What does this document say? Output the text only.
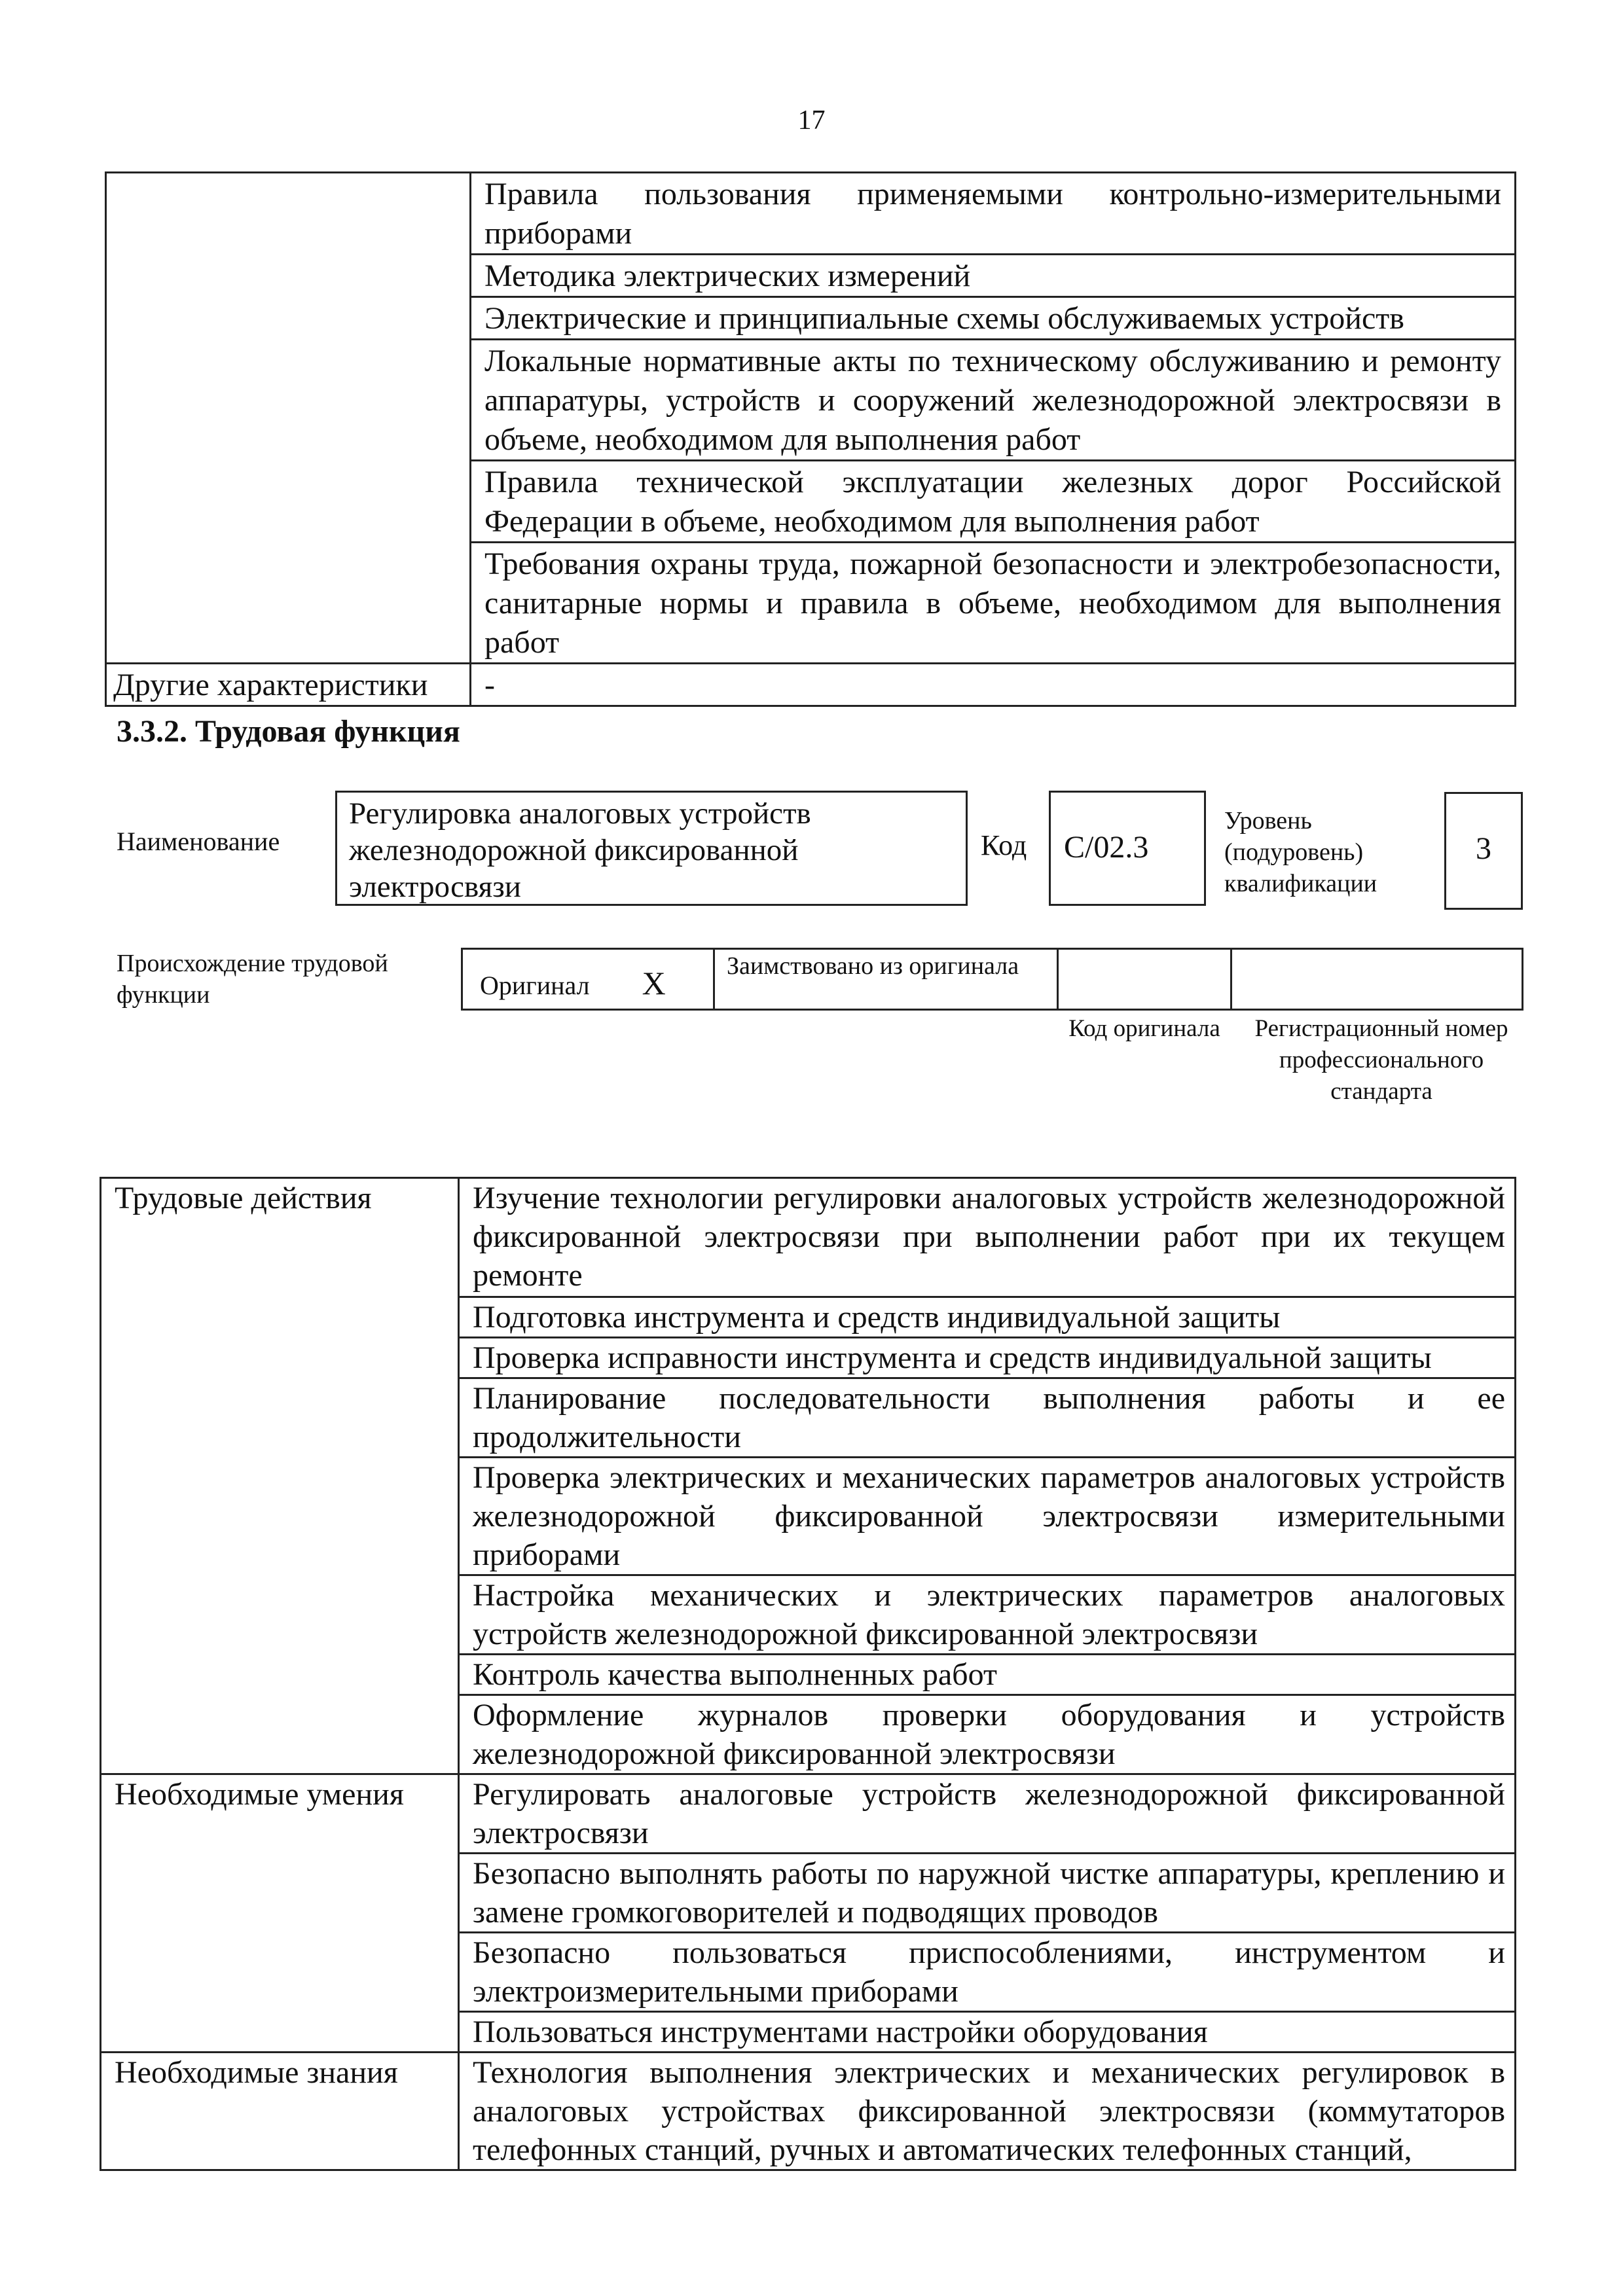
17
	Правила пользования применяемыми контрольно-измерительными приборами
	Методика электрических измерений
	Электрические и принципиальные схемы обслуживаемых устройств
	Локальные нормативные акты по техническому обслуживанию и ремонту аппаратуры, устройств и сооружений железнодорожной электросвязи в объеме, необходимом для выполнения работ
	Правила технической эксплуатации железных дорог Российской Федерации в объеме, необходимом для выполнения работ
	Требования охраны труда, пожарной безопасности и электробезопасности, санитарные нормы и правила в объеме, необходимом для выполнения работ
Другие характеристики	-
3.3.2. Трудовая функция
Наименование
Регулировка аналоговых устройств железнодорожной фиксированной электросвязи
Код	C/02.3
Уровень (подуровень) квалификации
3
Происхождение трудовой функции	Оригинал X	Заимствовано из оригинала
Код оригинала	Регистрационный номер профессионального стандарта
Трудовые действия	Изучение технологии регулировки аналоговых устройств железнодорожной фиксированной электросвязи при выполнении работ при их текущем ремонте
	Подготовка инструмента и средств индивидуальной защиты
	Проверка исправности инструмента и средств индивидуальной защиты
	Планирование последовательности выполнения работы и ее продолжительности
	Проверка электрических и механических параметров аналоговых устройств железнодорожной фиксированной электросвязи измерительными приборами
	Настройка механических и электрических параметров аналоговых устройств железнодорожной фиксированной электросвязи
	Контроль качества выполненных работ
	Оформление журналов проверки оборудования и устройств железнодорожной фиксированной электросвязи
Необходимые умения	Регулировать аналоговые устройств железнодорожной фиксированной электросвязи
	Безопасно выполнять работы по наружной чистке аппаратуры, креплению и замене громкоговорителей и подводящих проводов
	Безопасно пользоваться приспособлениями, инструментом и электроизмерительными приборами
	Пользоваться инструментами настройки оборудования
Необходимые знания	Технология выполнения электрических и механических регулировок в аналоговых устройствах фиксированной электросвязи (коммутаторов телефонных станций, ручных и автоматических телефонных станций,
